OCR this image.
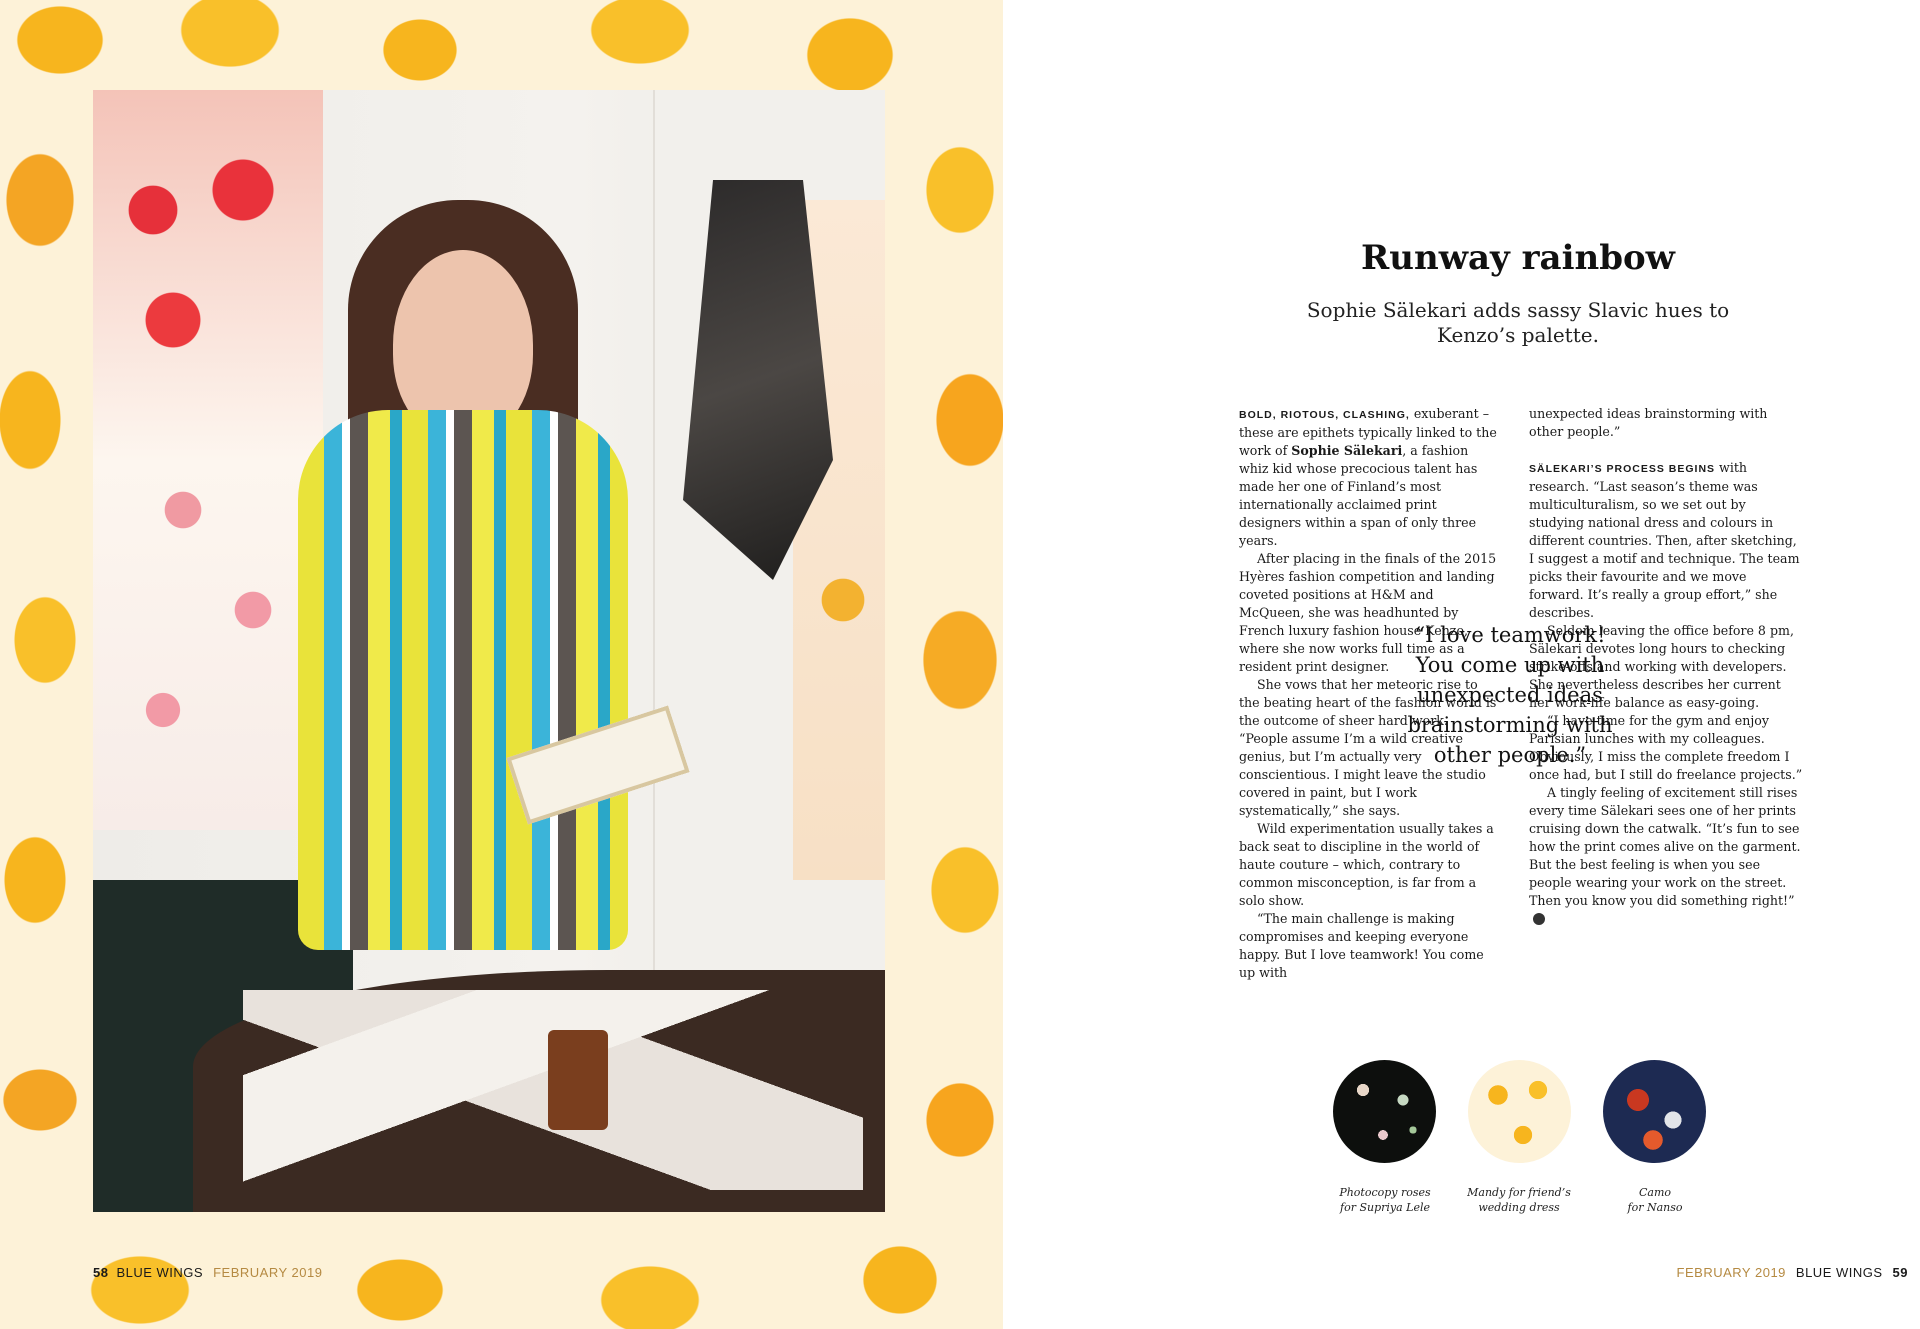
58 BLUE WINGS FEBRUARY 2019
Runway rainbow
Sophie Sälekari adds sassy Slavic hues to Kenzo’s palette.

BOLD, RIOTOUS, CLASHING, exuberant – these are epithets typically linked to the work of Sophie Sälekari, a fashion whiz kid whose precocious talent has made her one of Finland’s most internationally acclaimed print designers within a span of only three years.

After placing in the finals of the 2015 Hyères fashion competition and landing coveted positions at H&M and McQueen, she was headhunted by French luxury fashion house Kenzo, where she now works full time as a resident print designer.

She vows that her meteoric rise to the beating heart of the fashion world is the outcome of sheer hard work. “People assume I’m a wild creative genius, but I’m actually very conscientious. I might leave the studio covered in paint, but I work systematically,” she says.

Wild experimentation usually takes a back seat to discipline in the world of haute couture – which, contrary to common misconception, is far from a solo show.

“The main challenge is making compromises and keeping everyone happy. But I love teamwork! You come up with

unexpected ideas brainstorming with other people.”

SÄLEKARI’S PROCESS BEGINS with research. “Last season’s theme was multiculturalism, so we set out by studying national dress and colours in different countries. Then, after sketching, I suggest a motif and technique. The team picks their favourite and we move forward. It’s really a group effort,” she describes.

Seldom leaving the office before 8 pm, Sälekari devotes long hours to checking strike-offs and working with developers. She nevertheless describes her current her work-life balance as easy-going.

“I have time for the gym and enjoy Parisian lunches with my colleagues. Obviously, I miss the complete freedom I once had, but I still do freelance projects.”

A tingly feeling of excitement still rises every time Sälekari sees one of her prints cruising down the catwalk. “It’s fun to see how the print comes alive on the garment. But the best feeling is when you see people wearing your work on the street. Then you know you did something right!”

“I love teamwork! You come up with unexpected ideas brainstorming with other people.”
Photocopy roses
for Supriya Lele
Mandy for friend’s
wedding dress
Camo
for Nanso
FEBRUARY 2019 BLUE WINGS 59
